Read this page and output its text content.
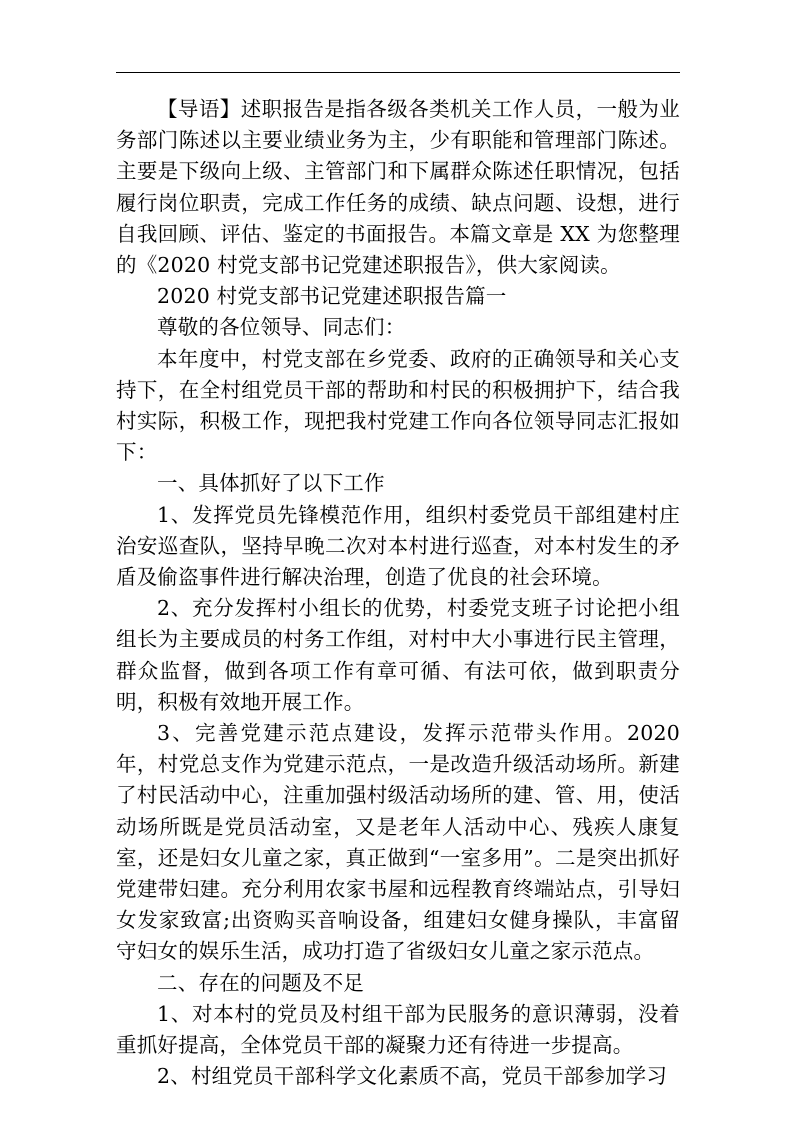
【导语】述职报告是指各级各类机关工作人员，一般为业务部门陈述以主要业绩业务为主，少有职能和管理部门陈述。主要是下级向上级、主管部门和下属群众陈述任职情况，包括履行岗位职责，完成工作任务的成绩、缺点问题、设想，进行自我回顾、评估、鉴定的书面报告。本篇文章是 XX 为您整理的《2020 村党支部书记党建述职报告》，供大家阅读。

2020 村党支部书记党建述职报告篇一

尊敬的各位领导、同志们：

本年度中，村党支部在乡党委、政府的正确领导和关心支持下，在全村组党员干部的帮助和村民的积极拥护下，结合我村实际，积极工作，现把我村党建工作向各位领导同志汇报如下：

一、具体抓好了以下工作

1、发挥党员先锋模范作用，组织村委党员干部组建村庄治安巡查队，坚持早晚二次对本村进行巡查，对本村发生的矛盾及偷盗事件进行解决治理，创造了优良的社会环境。

2、充分发挥村小组长的优势，村委党支班子讨论把小组组长为主要成员的村务工作组，对村中大小事进行民主管理，群众监督，做到各项工作有章可循、有法可依，做到职责分明，积极有效地开展工作。

3、完善党建示范点建设，发挥示范带头作用。2020 年，村党总支作为党建示范点，一是改造升级活动场所。新建了村民活动中心，注重加强村级活动场所的建、管、用，使活动场所既是党员活动室，又是老年人活动中心、残疾人康复室，还是妇女儿童之家，真正做到“一室多用”。二是突出抓好党建带妇建。充分利用农家书屋和远程教育终端站点，引导妇女发家致富;出资购买音响设备，组建妇女健身操队，丰富留守妇女的娱乐生活，成功打造了省级妇女儿童之家示范点。

二、存在的问题及不足

1、对本村的党员及村组干部为民服务的意识薄弱，没着重抓好提高，全体党员干部的凝聚力还有待进一步提高。

2、村组党员干部科学文化素质不高，党员干部参加学习
